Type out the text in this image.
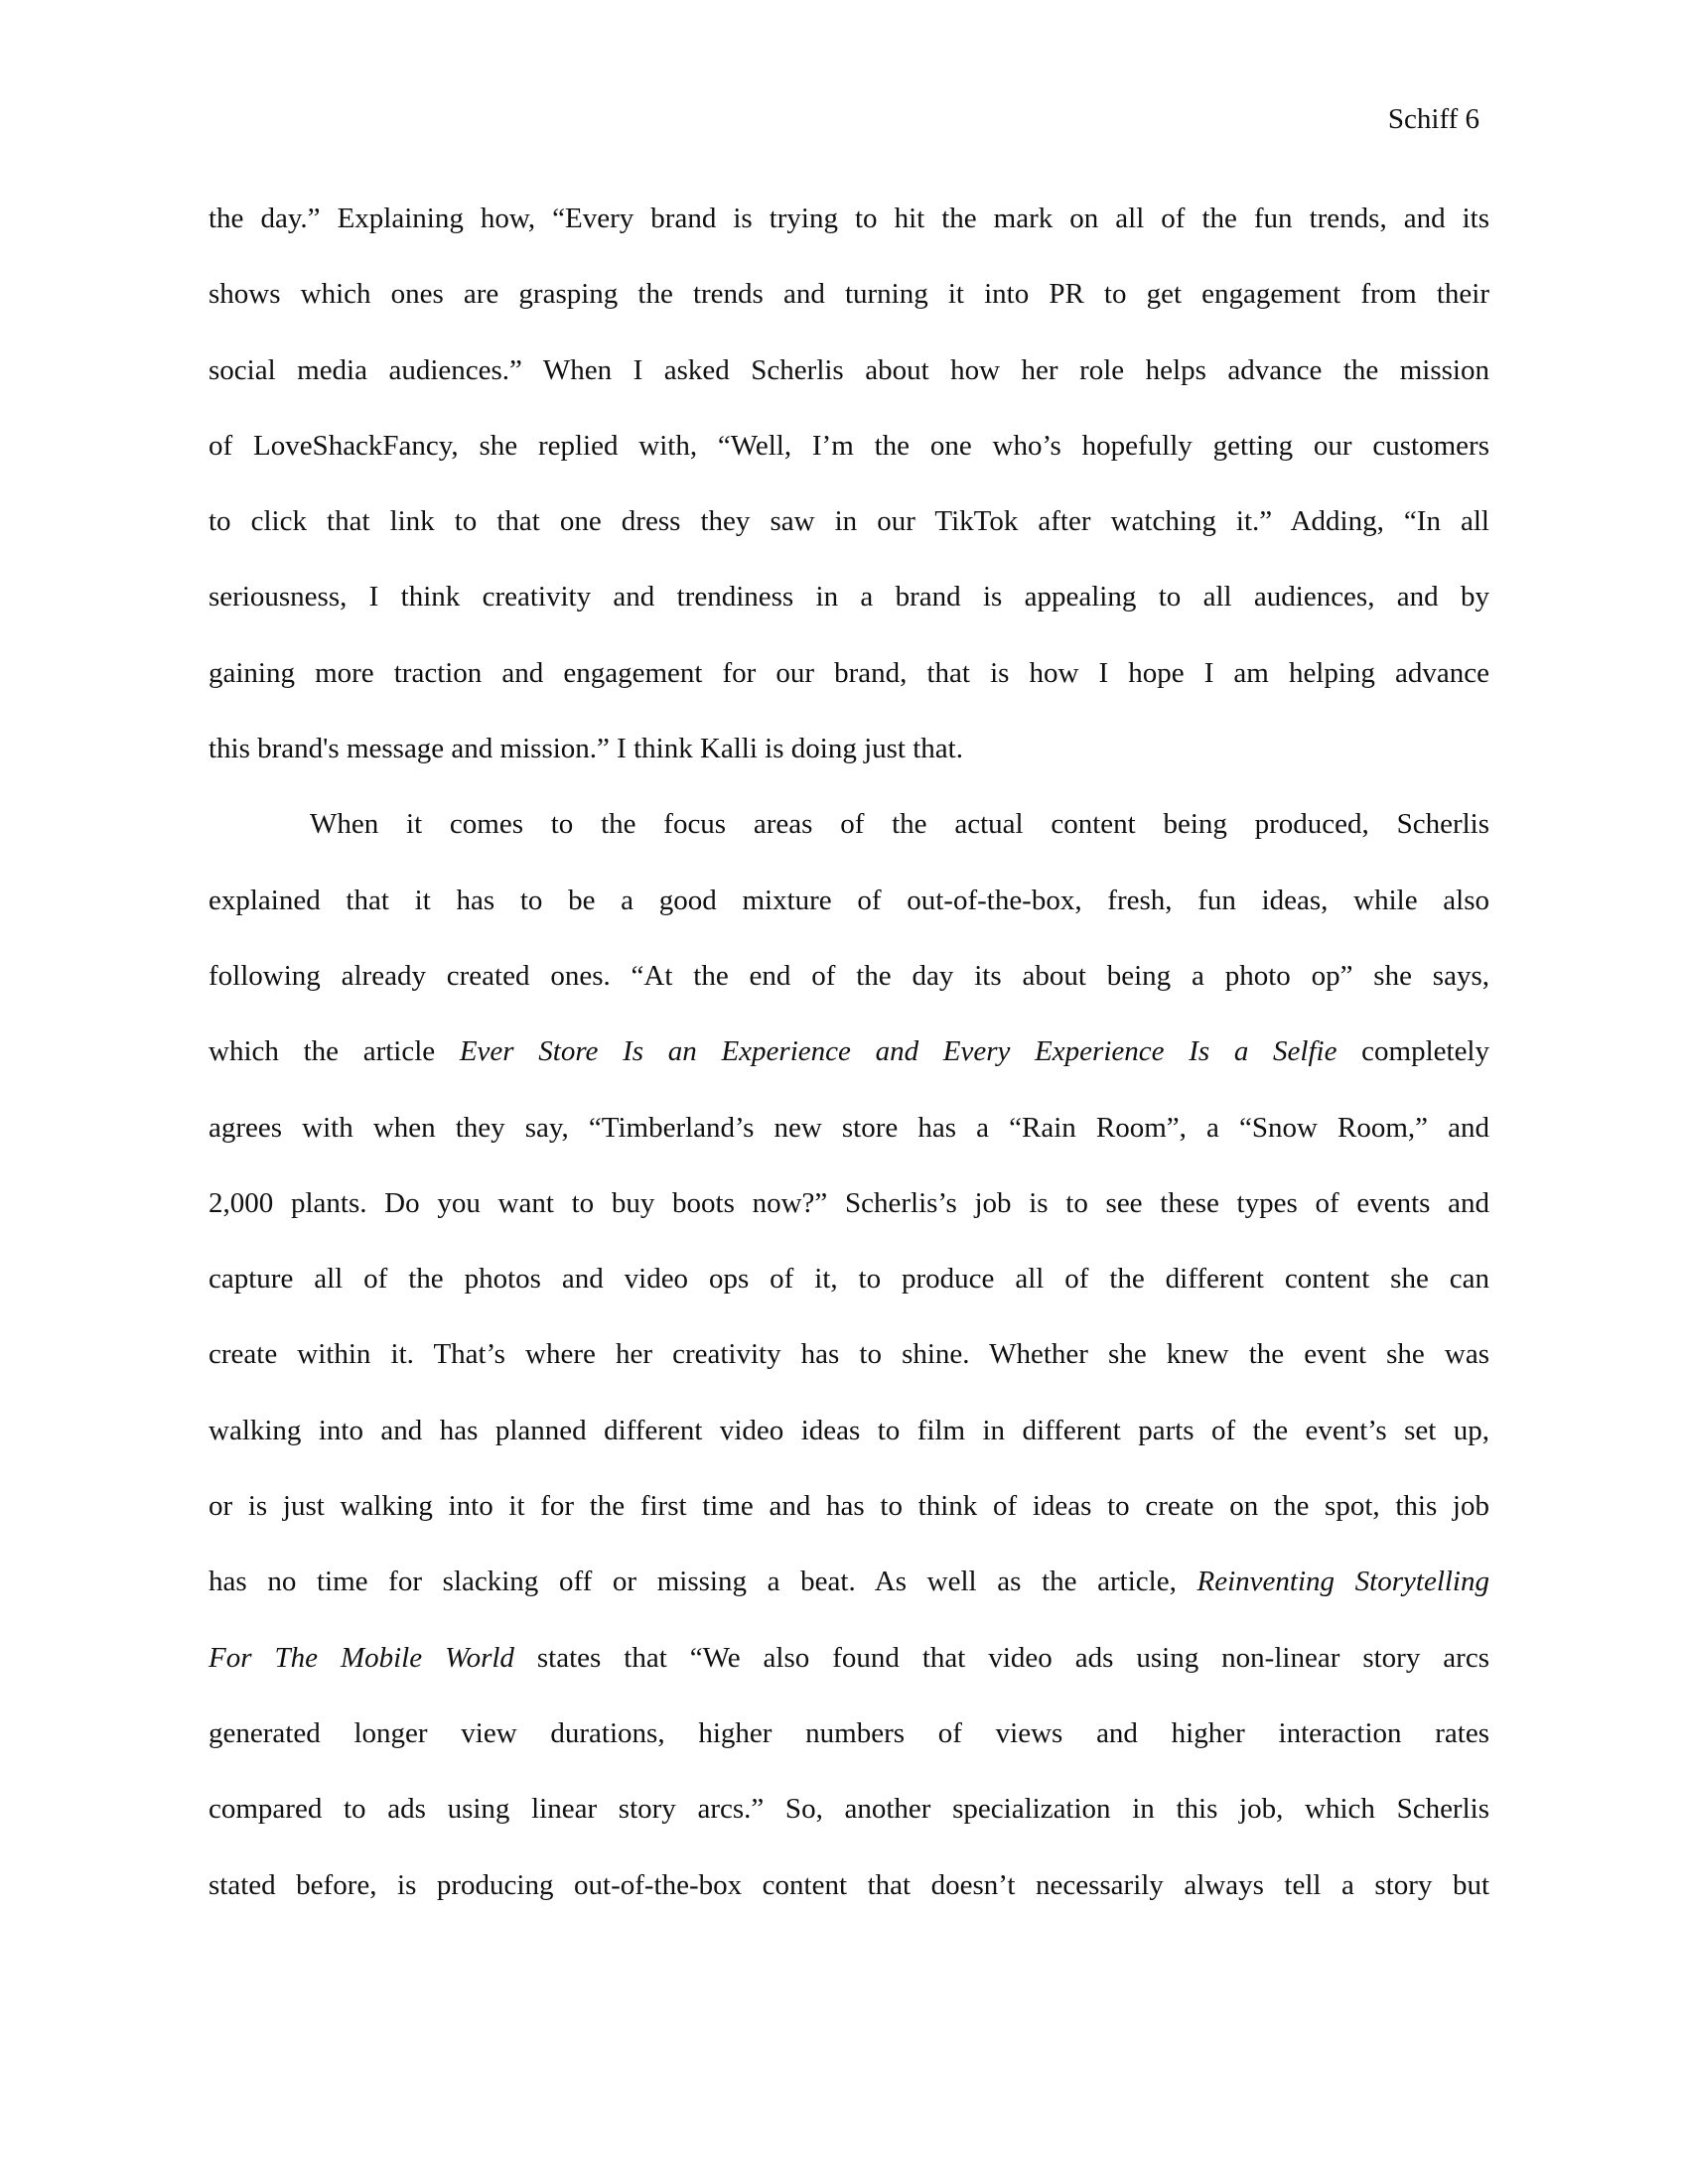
Schiff 6
the day.” Explaining how, “Every brand is trying to hit the mark on all of the fun trends, and its
shows which ones are grasping the trends and turning it into PR to get engagement from their
social media audiences.” When I asked Scherlis about how her role helps advance the mission
of LoveShackFancy, she replied with, “Well, I’m the one who’s hopefully getting our customers
to click that link to that one dress they saw in our TikTok after watching it.” Adding, “In all
seriousness, I think creativity and trendiness in a brand is appealing to all audiences, and by
gaining more traction and engagement for our brand, that is how I hope I am helping advance
this brand's message and mission.” I think Kalli is doing just that.
When it comes to the focus areas of the actual content being produced, Scherlis
explained that it has to be a good mixture of out-of-the-box, fresh, fun ideas, while also
following already created ones. “At the end of the day its about being a photo op” she says,
which the article Ever Store Is an Experience and Every Experience Is a Selfie completely
agrees with when they say, “Timberland’s new store has a “Rain Room”, a “Snow Room,” and
2,000 plants. Do you want to buy boots now?” Scherlis’s job is to see these types of events and
capture all of the photos and video ops of it, to produce all of the different content she can
create within it. That’s where her creativity has to shine. Whether she knew the event she was
walking into and has planned different video ideas to film in different parts of the event’s set up,
or is just walking into it for the first time and has to think of ideas to create on the spot, this job
has no time for slacking off or missing a beat. As well as the article, Reinventing Storytelling
For The Mobile World states that “We also found that video ads using non-linear story arcs
generated longer view durations, higher numbers of views and higher interaction rates
compared to ads using linear story arcs.” So, another specialization in this job, which Scherlis
stated before, is producing out-of-the-box content that doesn’t necessarily always tell a story but
